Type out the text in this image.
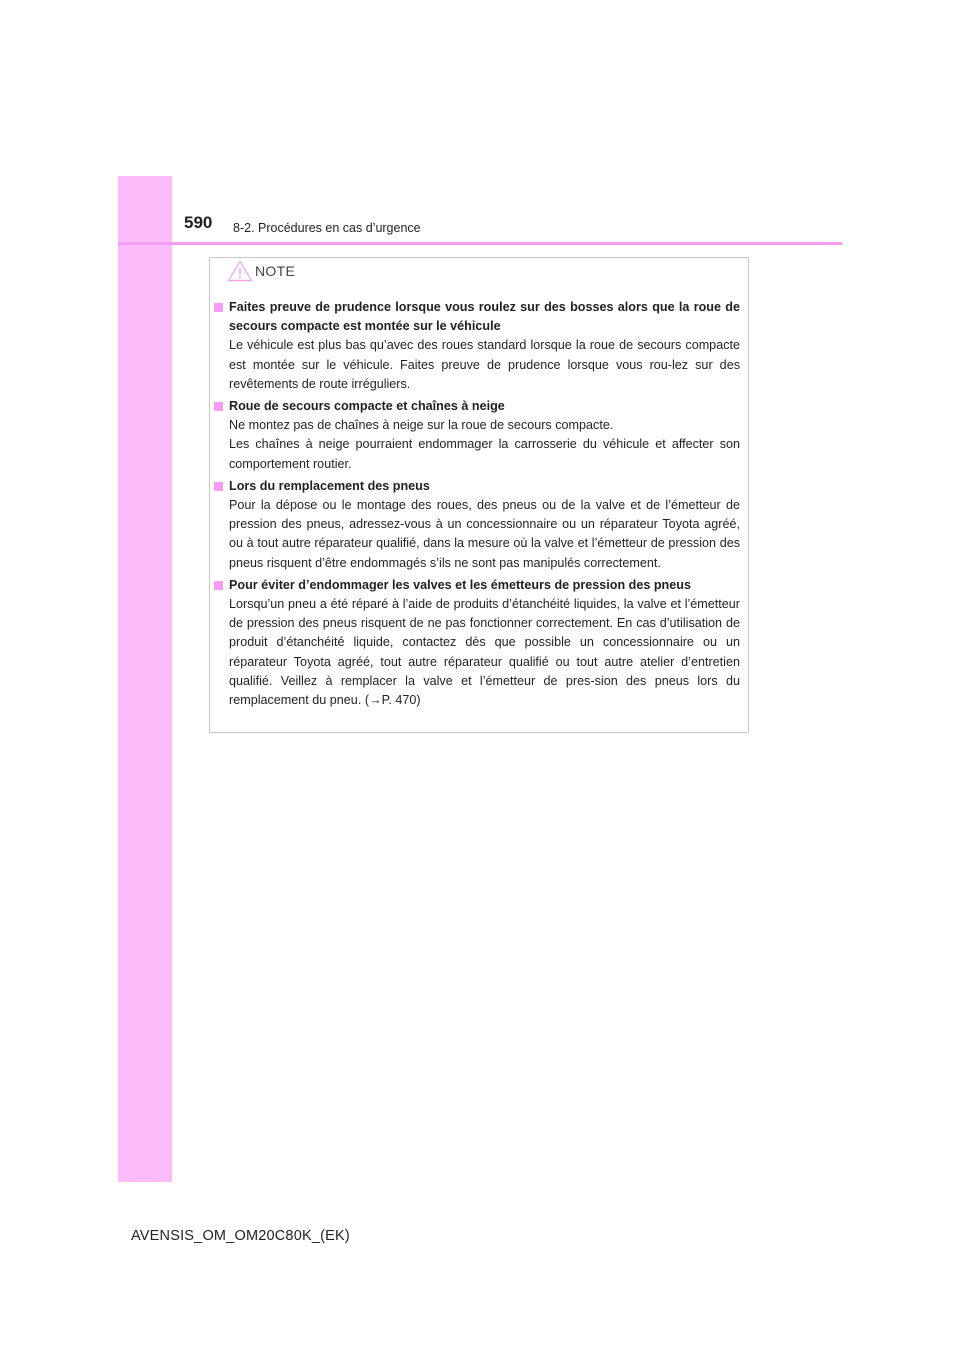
590 8-2. Procédures en cas d’urgence
NOTE
Faites preuve de prudence lorsque vous roulez sur des bosses alors que la roue de secours compacte est montée sur le véhicule

Le véhicule est plus bas qu’avec des roues standard lorsque la roue de secours compacte est montée sur le véhicule. Faites preuve de prudence lorsque vous rou-lez sur des revêtements de route irréguliers.

Roue de secours compacte et chaînes à neige

Ne montez pas de chaînes à neige sur la roue de secours compacte.

Les chaînes à neige pourraient endommager la carrosserie du véhicule et affecter son comportement routier.

Lors du remplacement des pneus

Pour la dépose ou le montage des roues, des pneus ou de la valve et de l’émetteur de pression des pneus, adressez-vous à un concessionnaire ou un réparateur Toyota agréé, ou à tout autre réparateur qualifié, dans la mesure où la valve et l’émetteur de pression des pneus risquent d’être endommagés s’ils ne sont pas manipulés correctement.

Pour éviter d’endommager les valves et les émetteurs de pression des pneus

Lorsqu’un pneu a été réparé à l’aide de produits d’étanchéité liquides, la valve et l’émetteur de pression des pneus risquent de ne pas fonctionner correctement. En cas d’utilisation de produit d’étanchéité liquide, contactez dès que possible un concessionnaire ou un réparateur Toyota agréé, tout autre réparateur qualifié ou tout autre atelier d’entretien qualifié. Veillez à remplacer la valve et l’émetteur de pres-sion des pneus lors du remplacement du pneu. (→P. 470)

AVENSIS_OM_OM20C80K_(EK)
